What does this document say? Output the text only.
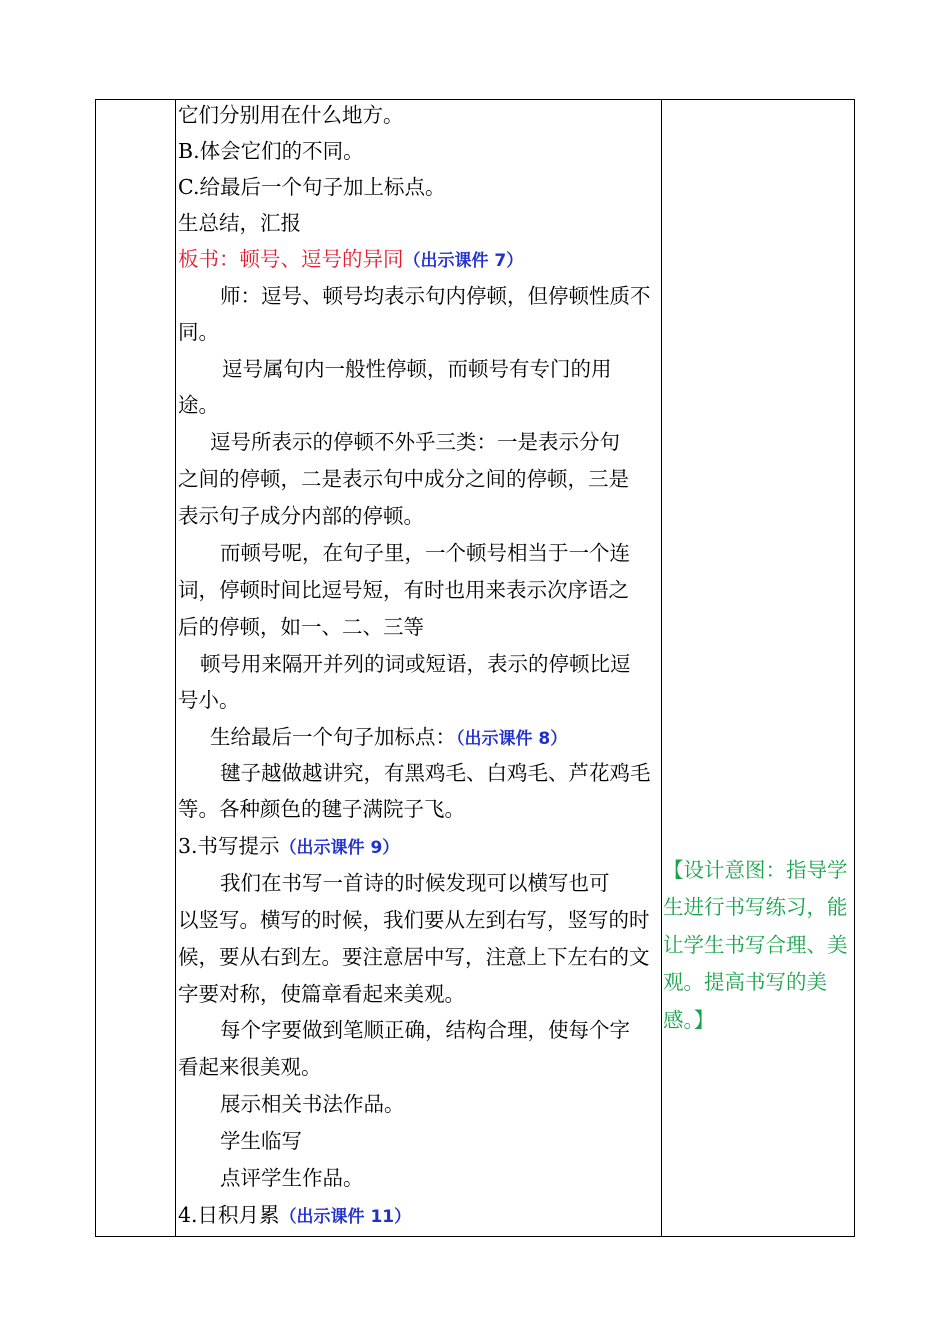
它们分别用在什么地方。
B.体会它们的不同。
C.给最后一个句子加上标点。
生总结，汇报
板书：顿号、逗号的异同（出示课件 7）
师：逗号、顿号均表示句内停顿，但停顿性质不
同。
逗号属句内一般性停顿，而顿号有专门的用
途。
逗号所表示的停顿不外乎三类：一是表示分句
之间的停顿，二是表示句中成分之间的停顿，三是
表示句子成分内部的停顿。
而顿号呢，在句子里，一个顿号相当于一个连
词，停顿时间比逗号短，有时也用来表示次序语之
后的停顿，如一、二、三等
顿号用来隔开并列的词或短语，表示的停顿比逗
号小。
生给最后一个句子加标点：（出示课件 8）
毽子越做越讲究，有黑鸡毛、白鸡毛、芦花鸡毛
等。各种颜色的毽子满院子飞。
3.书写提示（出示课件 9）
我们在书写一首诗的时候发现可以横写也可
以竖写。横写的时候，我们要从左到右写，竖写的时
候，要从右到左。要注意居中写，注意上下左右的文
字要对称，使篇章看起来美观。
每个字要做到笔顺正确，结构合理，使每个字
看起来很美观。
展示相关书法作品。
学生临写
点评学生作品。
4.日积月累（出示课件 11）
【设计意图：指导学
生进行书写练习，能
让学生书写合理、美
观。提高书写的美
感。】
